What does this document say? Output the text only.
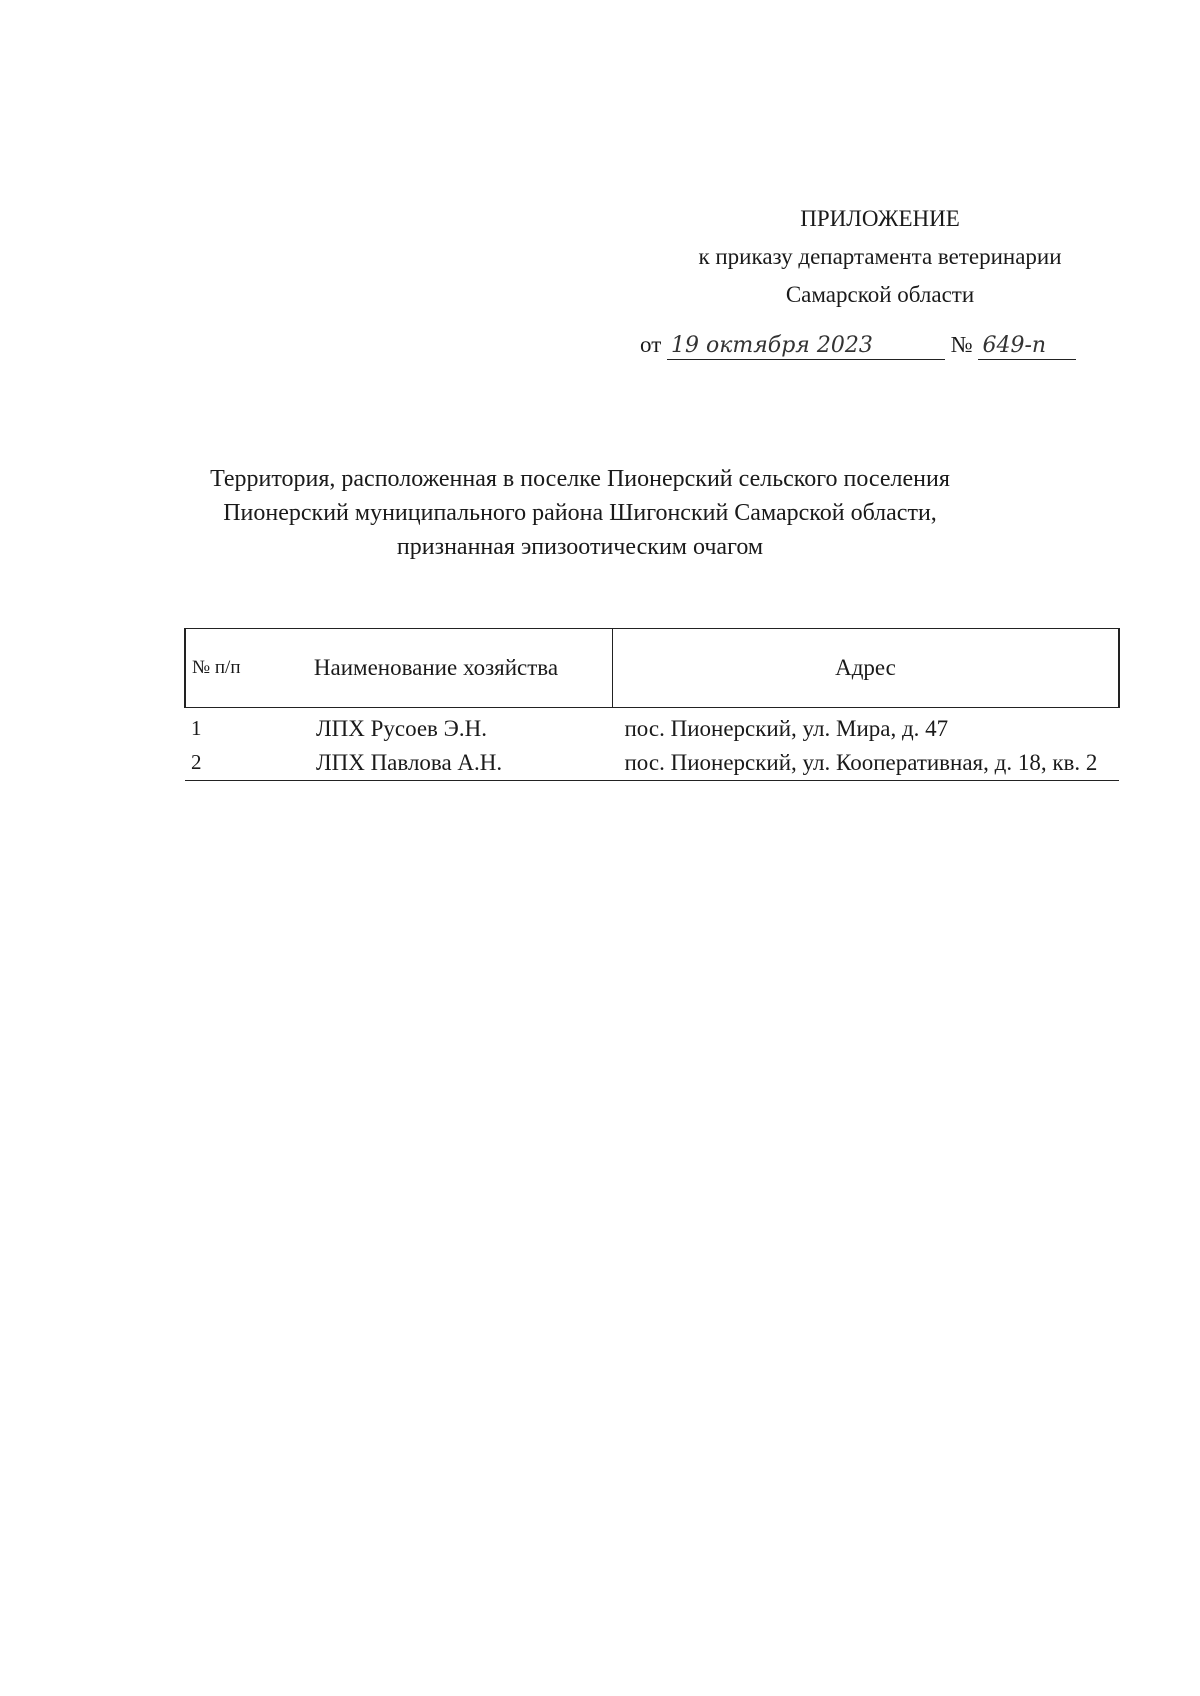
ПРИЛОЖЕНИЕ
к приказу департамента ветеринарии
Самарской области
от 19 октября 2023	№ 649-п
Территория, расположенная в поселке Пионерский сельского поселения
Пионерский муниципального района Шигонский Самарской области,
признанная эпизоотическим очагом
№ п/п	Наименование хозяйства	Адрес
1	ЛПХ Русоев Э.Н.	пос. Пионерский, ул. Мира, д. 47
2	ЛПХ Павлова А.Н.	пос. Пионерский, ул. Кооперативная, д. 18, кв. 2
